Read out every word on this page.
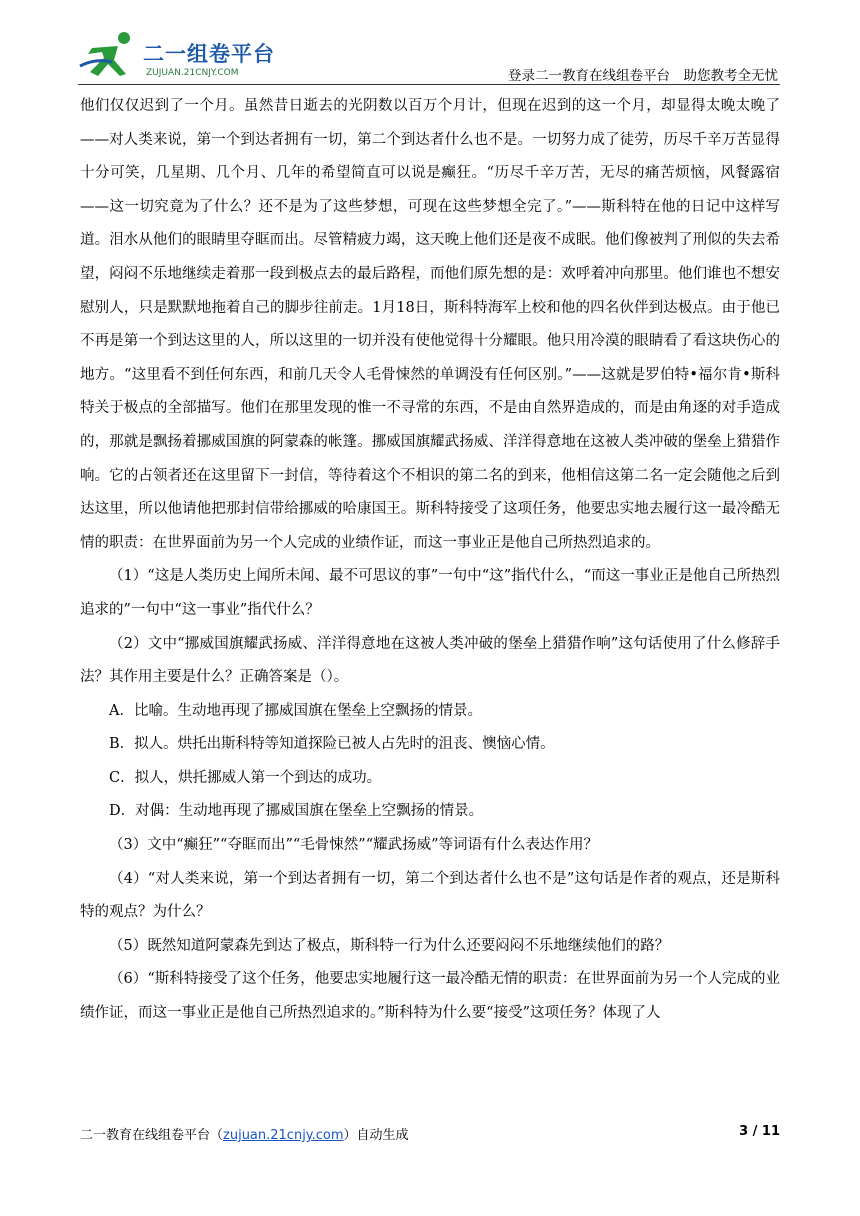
二一组卷平台
ZUJUAN.21CNJY.COM	登录二一教育在线组卷平台　助您教考全无忧

他们仅仅迟到了一个月。虽然昔日逝去的光阴数以百万个月计，但现在迟到的这一个月，却显得太晚太晚了——对人类来说，第一个到达者拥有一切，第二个到达者什么也不是。一切努力成了徒劳，历尽千辛万苦显得十分可笑，几星期、几个月、几年的希望简直可以说是癫狂。“历尽千辛万苦，无尽的痛苦烦恼，风餐露宿——这一切究竟为了什么？还不是为了这些梦想，可现在这些梦想全完了。”——斯科特在他的日记中这样写道。泪水从他们的眼睛里夺眶而出。尽管精疲力竭，这天晚上他们还是夜不成眠。他们像被判了刑似的失去希望，闷闷不乐地继续走着那一段到极点去的最后路程，而他们原先想的是：欢呼着冲向那里。他们谁也不想安慰别人，只是默默地拖着自己的脚步往前走。1月18日，斯科特海军上校和他的四名伙伴到达极点。由于他已不再是第一个到达这里的人，所以这里的一切并没有使他觉得十分耀眼。他只用冷漠的眼睛看了看这块伤心的地方。“这里看不到任何东西，和前几天令人毛骨悚然的单调没有任何区别。”——这就是罗伯特•福尔肯•斯科特关于极点的全部描写。他们在那里发现的惟一不寻常的东西，不是由自然界造成的，而是由角逐的对手造成的，那就是飘扬着挪威国旗的阿蒙森的帐篷。挪威国旗耀武扬威、洋洋得意地在这被人类冲破的堡垒上猎猎作响。它的占领者还在这里留下一封信，等待着这个不相识的第二名的到来，他相信这第二名一定会随他之后到达这里，所以他请他把那封信带给挪威的哈康国王。斯科特接受了这项任务，他要忠实地去履行这一最冷酷无情的职责：在世界面前为另一个人完成的业绩作证，而这一事业正是他自己所热烈追求的。

（1）“这是人类历史上闻所未闻、最不可思议的事”一句中“这”指代什么，“而这一事业正是他自己所热烈追求的”一句中“这一事业”指代什么？

（2）文中“挪威国旗耀武扬威、洋洋得意地在这被人类冲破的堡垒上猎猎作响”这句话使用了什么修辞手法？其作用主要是什么？正确答案是（）。

A．比喻。生动地再现了挪威国旗在堡垒上空飘扬的情景。

B．拟人。烘托出斯科特等知道探险已被人占先时的沮丧、懊恼心情。

C．拟人，烘托挪威人第一个到达的成功。

D．对偶：生动地再现了挪威国旗在堡垒上空飘扬的情景。

（3）文中“癫狂”“夺眶而出”“毛骨悚然”“耀武扬威”等词语有什么表达作用？

（4）“对人类来说，第一个到达者拥有一切，第二个到达者什么也不是”这句话是作者的观点，还是斯科特的观点？为什么？

（5）既然知道阿蒙森先到达了极点，斯科特一行为什么还要闷闷不乐地继续他们的路？

（6）“斯科特接受了这个任务，他要忠实地履行这一最冷酷无情的职责：在世界面前为另一个人完成的业绩作证，而这一事业正是他自己所热烈追求的。”斯科特为什么要“接受”这项任务？体现了人

二一教育在线组卷平台（zujuan.21cnjy.com）自动生成	3 / 11
